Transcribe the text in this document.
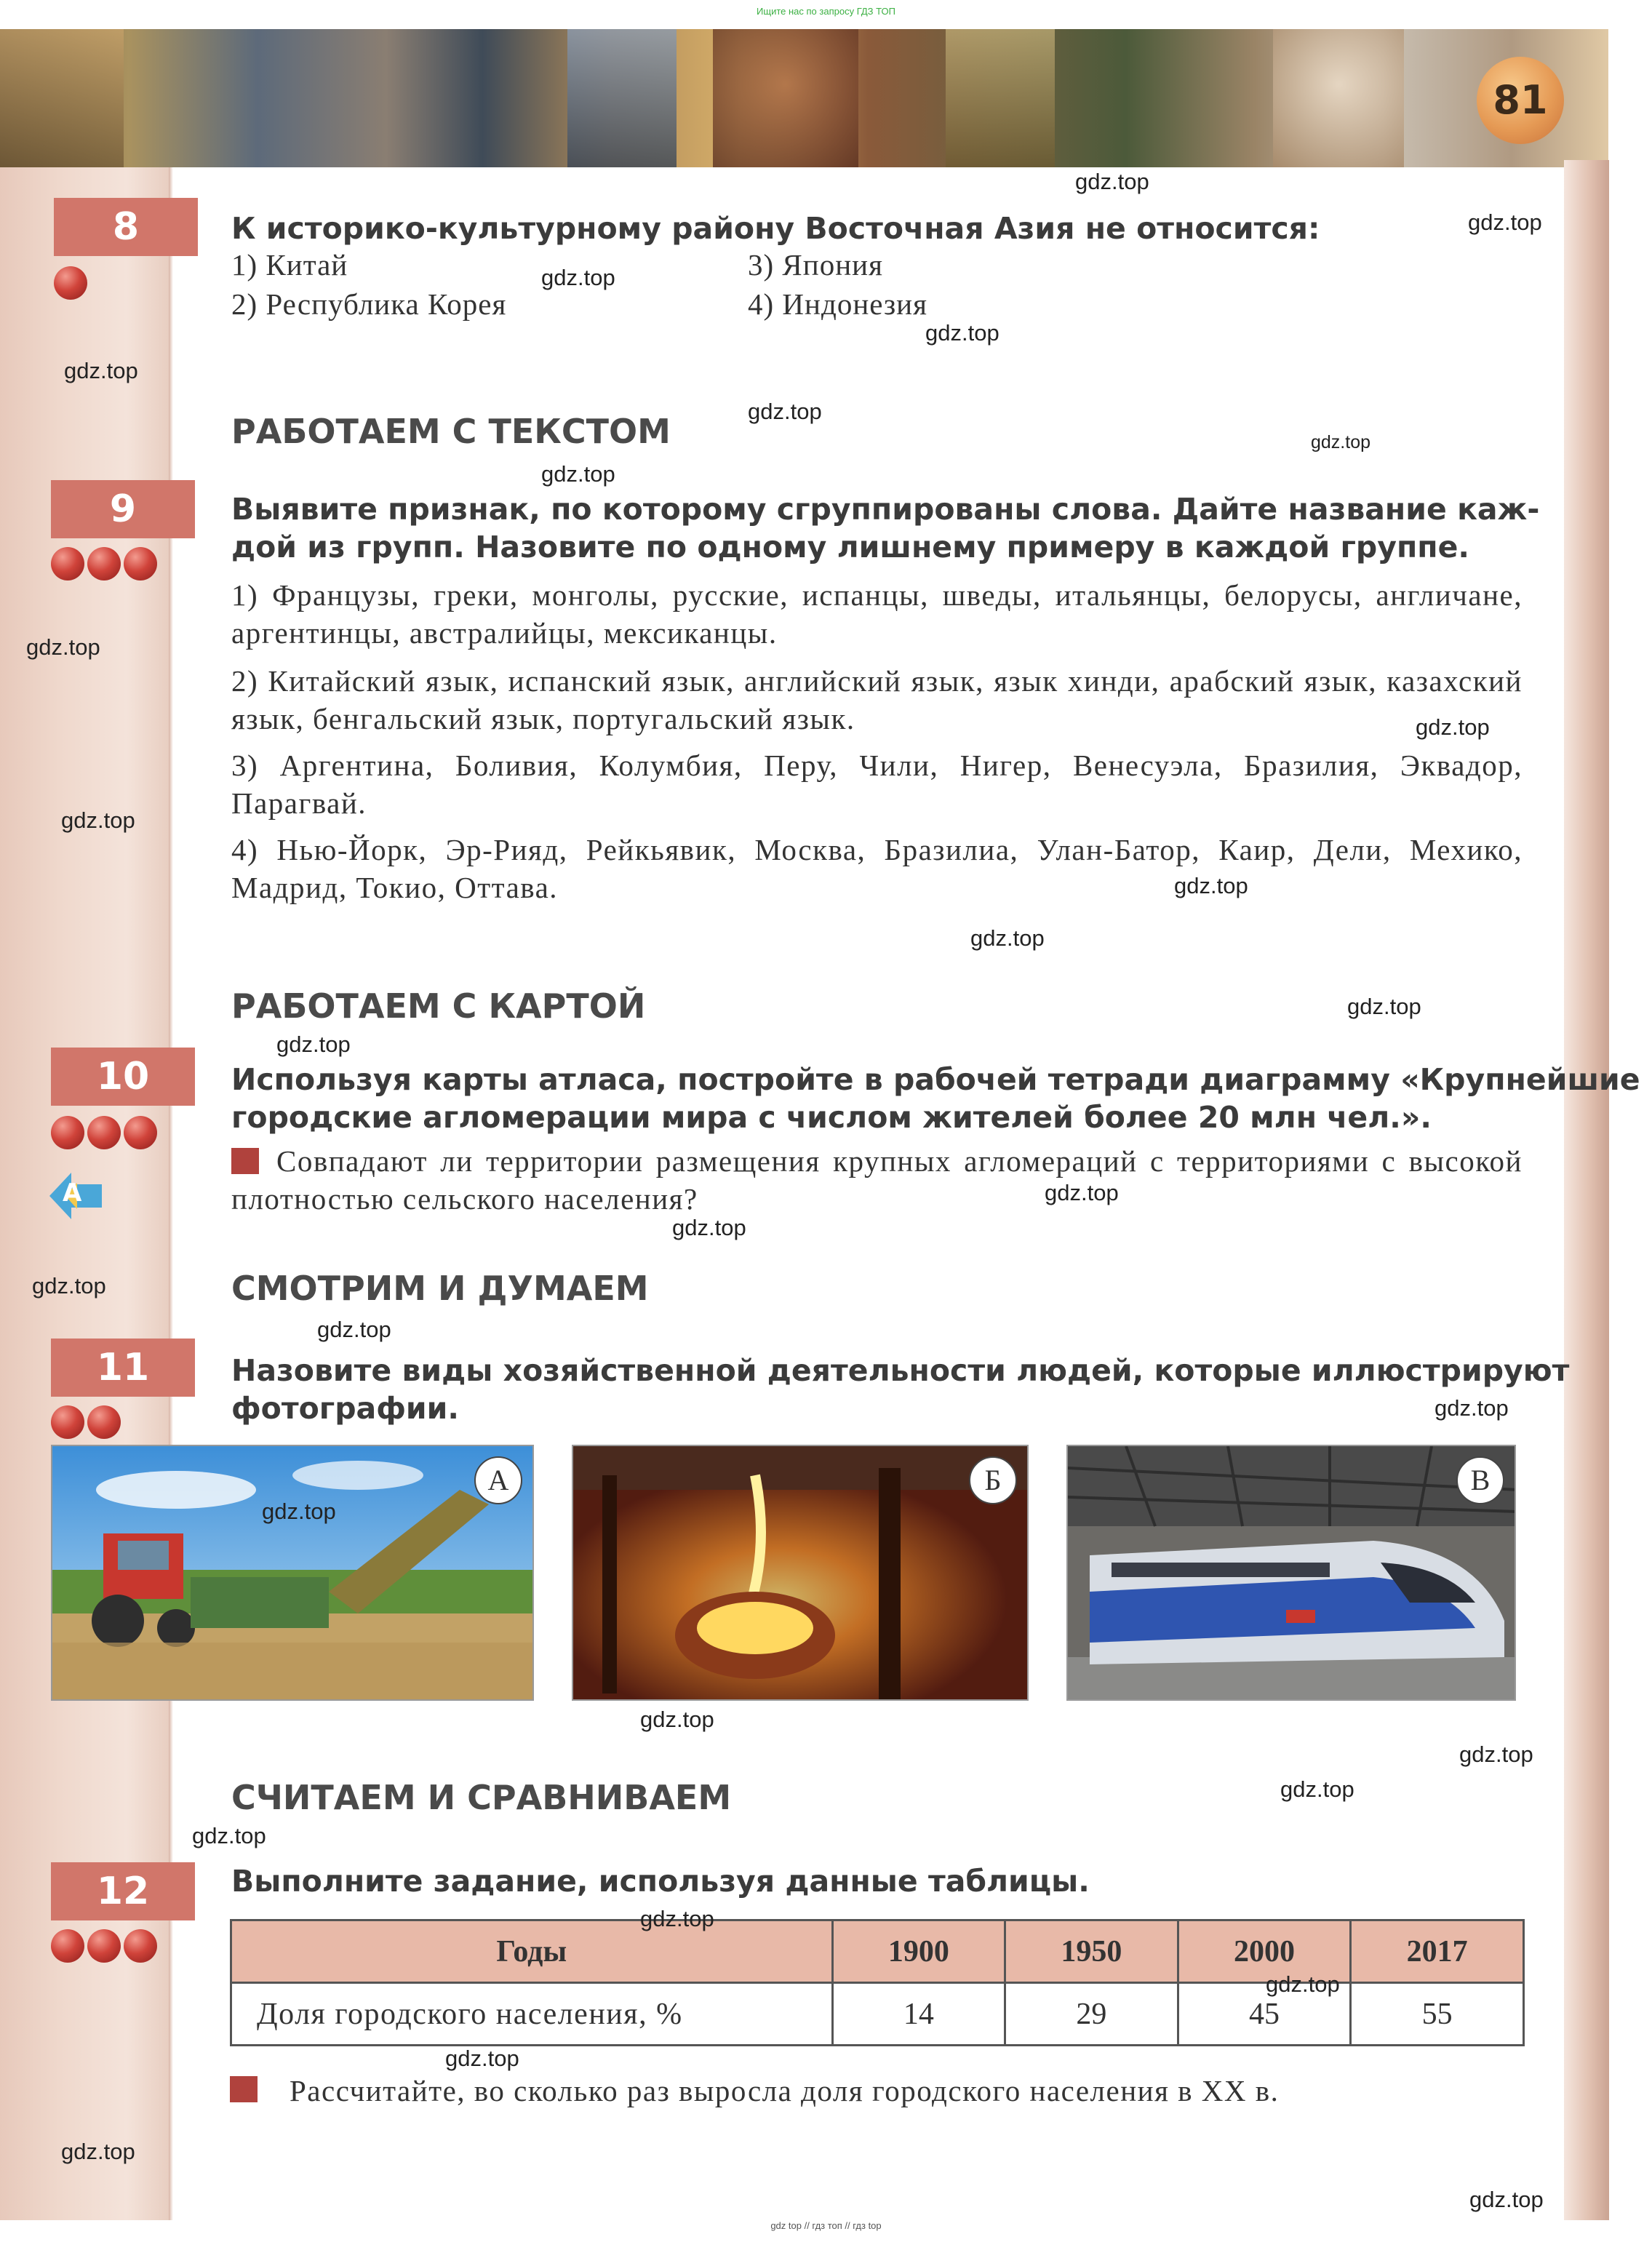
Ищите нас по запросу ГДЗ ТОП
81
8	К историко-культурному району Восточная Азия не относится:
1) Китай
2) Республика Корея
3) Япония
4) Индонезия
РАБОТАЕМ С ТЕКСТОМ
9	Выявите признак, по которому сгруппированы слова. Дайте название каж-
дой из групп. Назовите по одному лишнему примеру в каждой группе.
1) Французы, греки, монголы, русские, испанцы, шведы, итальянцы, белорусы, англичане, аргентинцы, австралийцы, мексиканцы.
2) Китайский язык, испанский язык, английский язык, язык хинди, арабский язык, казахский язык, бенгальский язык, португальский язык.
3) Аргентина, Боливия, Колумбия, Перу, Чили, Нигер, Венесуэла, Бразилия, Эквадор, Парагвай.
4) Нью-Йорк, Эр-Рияд, Рейкьявик, Москва, Бразилиа, Улан-Батор, Каир, Дели, Мехико, Мадрид, Токио, Оттава.
РАБОТАЕМ С КАРТОЙ
10
А
Используя карты атласа, постройте в рабочей тетради диаграмму «Крупнейшие
городские агломерации мира с числом жителей более 20 млн чел.».
Совпадают ли территории размещения крупных агломераций с территориями с высокой плотностью сельского населения?
СМОТРИМ И ДУМАЕМ
11	Назовите виды хозяйственной деятельности людей, которые иллюстрируют
фотографии.
А	Б	В
СЧИТАЕМ И СРАВНИВАЕМ
12	Выполните задание, используя данные таблицы.
Годы	1900	1950	2000	2017
Доля городского населения, %	14	29	45	55
Рассчитайте, во сколько раз выросла доля городского населения в XX в.
gdz.top
gdz.top
gdz.top
gdz.top
gdz.top
gdz.top
gdz.top
gdz.top
gdz.top
gdz.top
gdz.top
gdz.top
gdz.top
gdz.top
gdz.top
gdz.top
gdz.top
gdz.top
gdz.top
gdz.top
gdz.top
gdz.top
gdz.top
gdz.top
gdz.top
gdz.top
gdz.top
gdz.top
gdz.top
gdz.top
gdz top // гдз топ // гдз top
